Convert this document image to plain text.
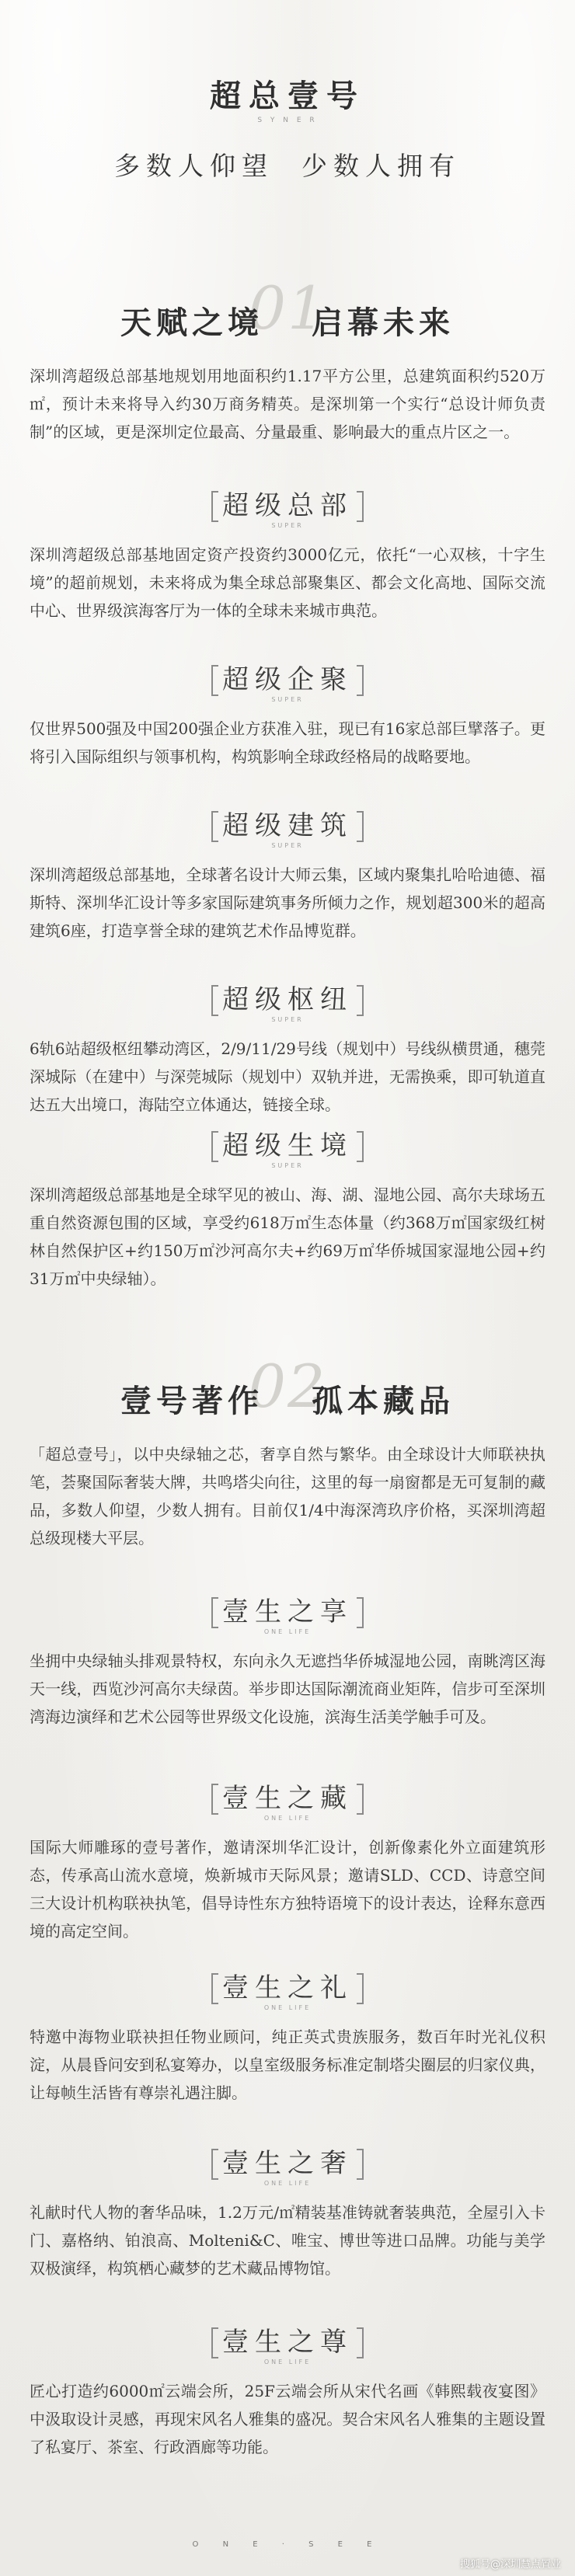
超总壹号
S Y N E R
多数人仰望 少数人拥有
01
天赋之境 启幕未来

深圳湾超级总部基地规划用地面积约1.17平方公里，总建筑面积约520万㎡，预计未来将导入约30万商务精英。是深圳第一个实行“总设计师负责制”的区域，更是深圳定位最高、分量最重、影响最大的重点片区之一。

超级总部
SUPER

深圳湾超级总部基地固定资产投资约3000亿元，依托“一心双核，十字生境”的超前规划，未来将成为集全球总部聚集区、都会文化高地、国际交流中心、世界级滨海客厅为一体的全球未来城市典范。

超级企聚
SUPER

仅世界500强及中国200强企业方获准入驻，现已有16家总部巨擘落子。更将引入国际组织与领事机构，构筑影响全球政经格局的战略要地。

超级建筑
SUPER

深圳湾超级总部基地，全球著名设计大师云集，区域内聚集扎哈哈迪德、福斯特、深圳华汇设计等多家国际建筑事务所倾力之作，规划超300米的超高建筑6座，打造享誉全球的建筑艺术作品博览群。

超级枢纽
SUPER

6轨6站超级枢纽攀动湾区，2/9/11/29号线（规划中）号线纵横贯通，穗莞深城际（在建中）与深莞城际（规划中）双轨并进，无需换乘，即可轨道直达五大出境口，海陆空立体通达，链接全球。

超级生境
SUPER

深圳湾超级总部基地是全球罕见的被山、海、湖、湿地公园、高尔夫球场五重自然资源包围的区域，享受约618万㎡生态体量（约368万㎡国家级红树林自然保护区+约150万㎡沙河高尔夫+约69万㎡华侨城国家湿地公园+约31万㎡中央绿轴）。

02
壹号著作 孤本藏品

「超总壹号」，以中央绿轴之芯，奢享自然与繁华。由全球设计大师联袂执笔，荟聚国际奢装大牌，共鸣塔尖向往，这里的每一扇窗都是无可复制的藏品，多数人仰望，少数人拥有。目前仅1/4中海深湾玖序价格，买深圳湾超总级现楼大平层。

壹生之享
ONE LIFE

坐拥中央绿轴头排观景特权，东向永久无遮挡华侨城湿地公园，南眺湾区海天一线，西览沙河高尔夫绿茵。举步即达国际潮流商业矩阵，信步可至深圳湾海边演绎和艺术公园等世界级文化设施，滨海生活美学触手可及。

壹生之藏
ONE LIFE

国际大师雕琢的壹号著作，邀请深圳华汇设计，创新像素化外立面建筑形态，传承高山流水意境，焕新城市天际风景；邀请SLD、CCD、诗意空间三大设计机构联袂执笔，倡导诗性东方独特语境下的设计表达，诠释东意西境的高定空间。

壹生之礼
ONE LIFE

特邀中海物业联袂担任物业顾问，纯正英式贵族服务，数百年时光礼仪积淀，从晨昏问安到私宴筹办，以皇室级服务标准定制塔尖圈层的归家仪典，让每帧生活皆有尊崇礼遇注脚。

壹生之奢
ONE LIFE

礼献时代人物的奢华品味，1.2万元/㎡精装基准铸就奢装典范，全屋引入卡门、嘉格纳、铂浪高、Molteni&C、唯宝、博世等进口品牌。功能与美学双极演绎，构筑栖心藏梦的艺术藏品博物馆。

壹生之尊
ONE LIFE

匠心打造约6000㎡云端会所，25F云端会所从宋代名画《韩熙载夜宴图》中汲取设计灵感，再现宋风名人雅集的盛况。契合宋风名人雅集的主题设置了私宴厅、茶室、行政酒廊等功能。

O N E · S E E
搜狐号@深圳慧点置业
